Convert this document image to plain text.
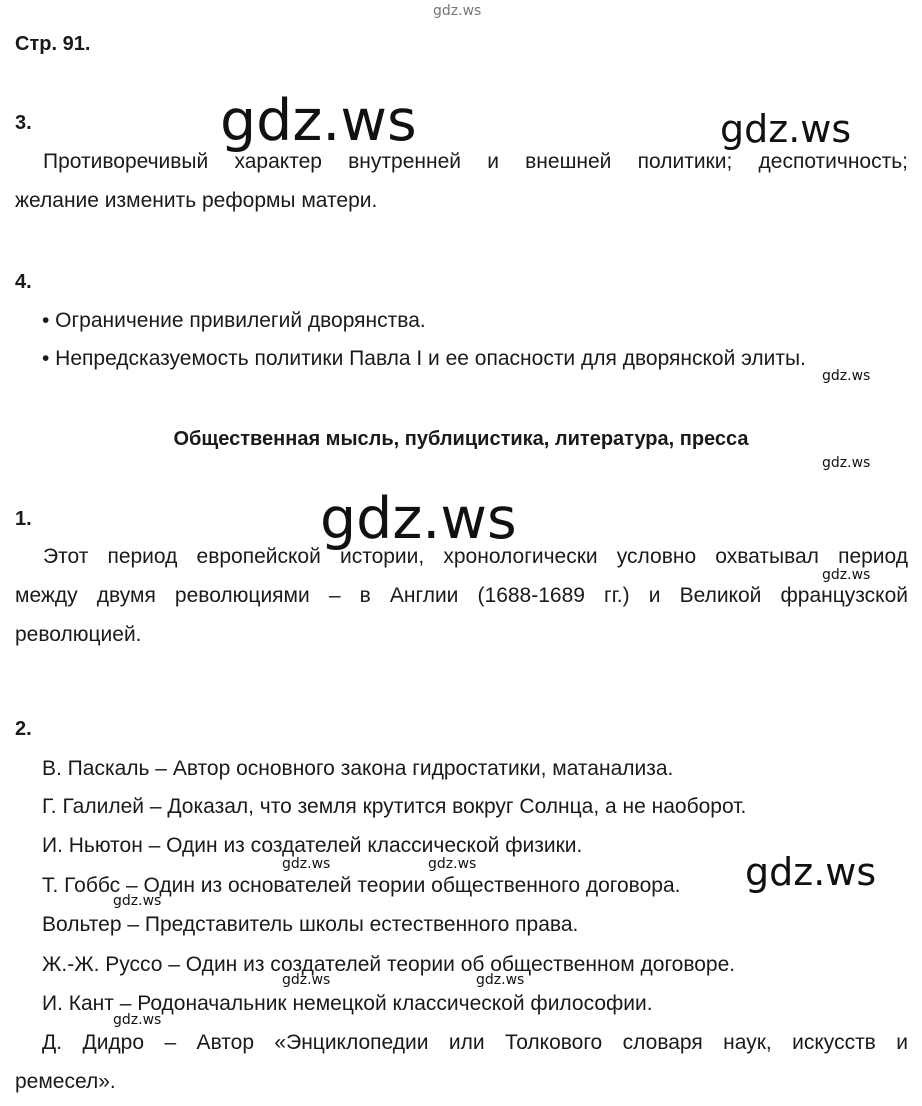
gdz.ws
gdz.ws	gdz.ws
gdz.ws
gdz.ws
gdz.ws
gdz.ws
gdz.ws	gdz.ws	gdz.ws
gdz.ws
gdz.ws	gdz.ws
gdz.ws
Стр. 91.
3.
Противоречивый характер внутренней и внешней политики; деспотичность;
желание изменить реформы матери.
4.
• Ограничение привилегий дворянства.
• Непредсказуемость политики Павла I и ее опасности для дворянской элиты.
Общественная мысль, публицистика, литература, пресса
1.
Этот период европейской истории, хронологически условно охватывал период
между двумя революциями – в Англии (1688-1689 гг.) и Великой французской
революцией.
2.
В. Паскаль – Автор основного закона гидростатики, матанализа.
Г. Галилей – Доказал, что земля крутится вокруг Солнца, а не наоборот.
И. Ньютон – Один из создателей классической физики.
Т. Гоббс – Один из основателей теории общественного договора.
Вольтер – Представитель школы естественного права.
Ж.-Ж. Руссо – Один из создателей теории об общественном договоре.
И. Кант – Родоначальник немецкой классической философии.
Д. Дидро – Автор «Энциклопедии или Толкового словаря наук, искусств и
ремесел».
